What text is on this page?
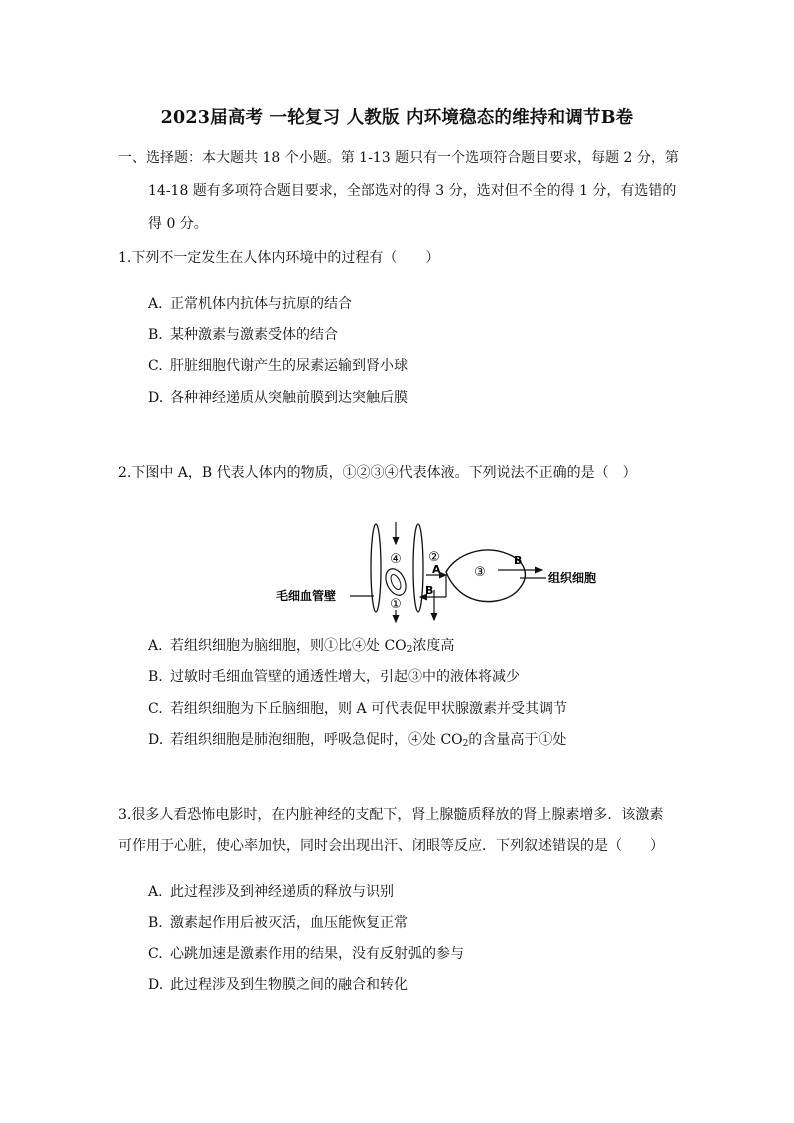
2023届高考 一轮复习 人教版 内环境稳态的维持和调节B卷
一、选择题：本大题共 18 个小题。第 1-13 题只有一个选项符合题目要求，每题 2 分，第
14-18 题有多项符合题目要求，全部选对的得 3 分，选对但不全的得 1 分，有选错的
得 0 分。
1.下列不一定发生在人体内环境中的过程有（　　）
A. 正常机体内抗体与抗原的结合
B. 某种激素与激素受体的结合
C. 肝脏细胞代谢产生的尿素运输到肾小球
D. 各种神经递质从突触前膜到达突触后膜
2.下图中 A，B 代表人体内的物质，①②③④代表体液。下列说法不正确的是（　）
④
①
②
A
B
③
B
组织细胞
毛细血管壁
A. 若组织细胞为脑细胞，则①比④处 $CO_2$浓度高
B. 过敏时毛细血管壁的通透性增大，引起③中的液体将减少
C. 若组织细胞为下丘脑细胞，则 A 可代表促甲状腺激素并受其调节
D. 若组织细胞是肺泡细胞，呼吸急促时，④处 $CO_2$的含量高于①处
3.很多人看恐怖电影时，在内脏神经的支配下，肾上腺髓质释放的肾上腺素增多．该激素
可作用于心脏，使心率加快，同时会出现出汗、闭眼等反应．下列叙述错误的是（　　）
A. 此过程涉及到神经递质的释放与识别
B. 激素起作用后被灭活，血压能恢复正常
C. 心跳加速是激素作用的结果，没有反射弧的参与
D. 此过程涉及到生物膜之间的融合和转化
